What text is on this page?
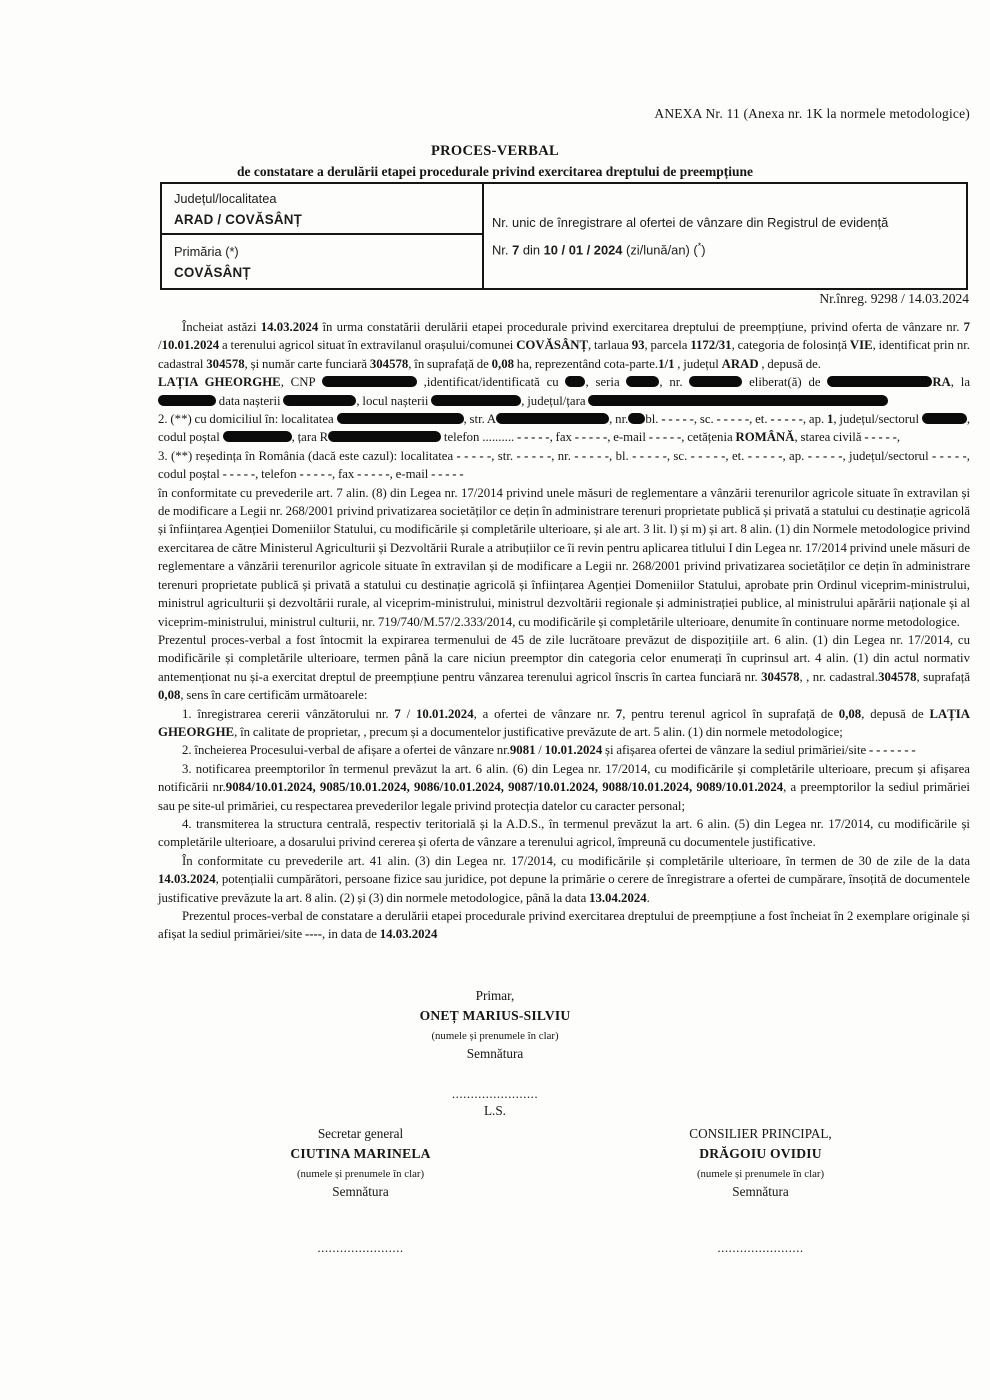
ANEXA Nr. 11 (Anexa nr. 1K la normele metodologice)
PROCES-VERBAL
de constatare a derulării etapei procedurale privind exercitarea dreptului de preempțiune
Județul/localitatea
ARAD / COVĂSÂNȚ	Nr. unic de înregistrare al ofertei de vânzare din Registrul de evidență
Nr. 7 din 10 / 01 / 2024 (zi/lună/an) (*)

Primăria (*)
COVĂSÂNȚ
Nr.înreg. 9298 / 14.03.2024

Încheiat astăzi 14.03.2024 în urma constatării derulării etapei procedurale privind exercitarea dreptului de preempțiune, privind oferta de vânzare nr. 7 /10.01.2024 a terenului agricol situat în extravilanul orașului/comunei COVĂSÂNȚ, tarlaua 93, parcela 1172/31, categoria de folosință VIE, identificat prin nr. cadastral 304578, și număr carte funciară 304578, în suprafață de 0,08 ha, reprezentând cota-parte.1/1 , județul ARAD , depusă de.

LAȚIA GHEORGHE, CNP	,identificat/identificată cu , seria	, nr.	eliberat(ă) de	RA, la  data nașterii	, locul nașterii	, județul/țara

2. (**) cu domiciliul în: localitatea	, str. A	, nr. bl. - - - - -, sc. - - - - -, et. - - - - -, ap. 1, județul/sectorul	, codul poștal	, țara R	telefon .......... - - - - -, fax - - - - -, e-mail - - - - -, cetățenia ROMÂNĂ, starea civilă - - - - -,

3. (**) reședința în România (dacă este cazul): localitatea - - - - -, str. - - - - -, nr. - - - - -, bl. - - - - -, sc. - - - - -, et. - - - - -, ap. - - - - -, județul/sectorul - - - - -, codul poștal - - - - -, telefon - - - - -, fax - - - - -, e-mail - - - - -

în conformitate cu prevederile art. 7 alin. (8) din Legea nr. 17/2014 privind unele măsuri de reglementare a vânzării terenurilor agricole situate în extravilan și de modificare a Legii nr. 268/2001 privind privatizarea societăților ce dețin în administrare terenuri proprietate publică și privată a statului cu destinație agricolă și înființarea Agenției Domeniilor Statului, cu modificările și completările ulterioare, și ale art. 3 lit. l) și m) și art. 8 alin. (1) din Normele metodologice privind exercitarea de către Ministerul Agriculturii și Dezvoltării Rurale a atribuțiilor ce îi revin pentru aplicarea titlului I din Legea nr. 17/2014 privind unele măsuri de reglementare a vânzării terenurilor agricole situate în extravilan și de modificare a Legii nr. 268/2001 privind privatizarea societăților ce dețin în administrare terenuri proprietate publică și privată a statului cu destinație agricolă și înființarea Agenției Domeniilor Statului, aprobate prin Ordinul viceprim-ministrului, ministrul agriculturii și dezvoltării rurale, al viceprim-ministrului, ministrul dezvoltării regionale și administrației publice, al ministrului apărării naționale și al viceprim-ministrului, ministrul culturii, nr. 719/740/M.57/2.333/2014, cu modificările și completările ulterioare, denumite în continuare norme metodologice.

Prezentul proces-verbal a fost întocmit la expirarea termenului de 45 de zile lucrătoare prevăzut de dispozițiile art. 6 alin. (1) din Legea nr. 17/2014, cu modificările și completările ulterioare, termen până la care niciun preemptor din categoria celor enumerați în cuprinsul art. 4 alin. (1) din actul normativ antemenționat nu și-a exercitat dreptul de preempțiune pentru vânzarea terenului agricol înscris în cartea funciară nr. 304578, , nr. cadastral.304578, suprafață 0,08, sens în care certificăm următoarele:

1. înregistrarea cererii vânzătorului nr. 7 / 10.01.2024, a ofertei de vânzare nr. 7, pentru terenul agricol în suprafață de 0,08, depusă de LAȚIA GHEORGHE, în calitate de proprietar, , precum și a documentelor justificative prevăzute de art. 5 alin. (1) din normele metodologice;

2. încheierea Procesului-verbal de afișare a ofertei de vânzare nr.9081 / 10.01.2024 și afișarea ofertei de vânzare la sediul primăriei/site - - - - - - -

3. notificarea preemptorilor în termenul prevăzut la art. 6 alin. (6) din Legea nr. 17/2014, cu modificările și completările ulterioare, precum și afișarea notificării nr.9084/10.01.2024, 9085/10.01.2024, 9086/10.01.2024, 9087/10.01.2024, 9088/10.01.2024, 9089/10.01.2024, a preemptorilor la sediul primăriei sau pe site-ul primăriei, cu respectarea prevederilor legale privind protecția datelor cu caracter personal;

4. transmiterea la structura centrală, respectiv teritorială și la A.D.S., în termenul prevăzut la art. 6 alin. (5) din Legea nr. 17/2014, cu modificările și completările ulterioare, a dosarului privind cererea și oferta de vânzare a terenului agricol, împreună cu documentele justificative.

În conformitate cu prevederile art. 41 alin. (3) din Legea nr. 17/2014, cu modificările și completările ulterioare, în termen de 30 de zile de la data 14.03.2024, potențialii cumpărători, persoane fizice sau juridice, pot depune la primărie o cerere de înregistrare a ofertei de cumpărare, însoțită de documentele justificative prevăzute la art. 8 alin. (2) și (3) din normele metodologice, până la data 13.04.2024.

Prezentul proces-verbal de constatare a derulării etapei procedurale privind exercitarea dreptului de preempțiune a fost încheiat în 2 exemplare originale și afișat la sediul primăriei/site ----, in data de 14.03.2024

Primar,
ONEȚ MARIUS-SILVIU
(numele și prenumele în clar)
Semnătura
.......................
L.S.
Secretar general
CIUTINA MARINELA
(numele și prenumele în clar)
Semnătura
.......................
CONSILIER PRINCIPAL,
DRĂGOIU OVIDIU
(numele și prenumele în clar)
Semnătura
.......................
